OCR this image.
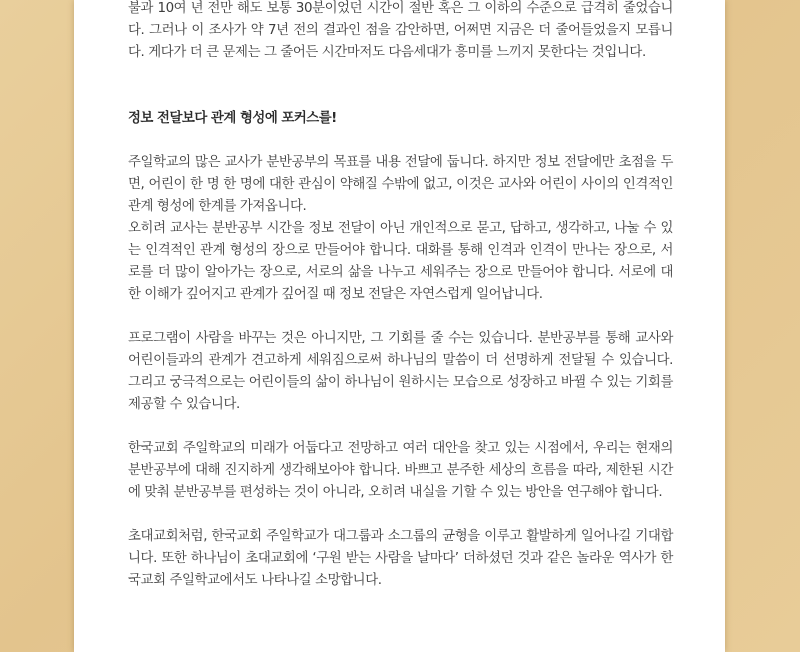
불과 10여 년 전만 해도 보통 30분이었던 시간이 절반 혹은 그 이하의 수준으로 급격히 줄었습니다. 그러나 이 조사가 약 7년 전의 결과인 점을 감안하면, 어쩌면 지금은 더 줄어들었을지 모릅니다. 게다가 더 큰 문제는 그 줄어든 시간마저도 다음세대가 흥미를 느끼지 못한다는 것입니다.

정보 전달보다 관계 형성에 포커스를!

주일학교의 많은 교사가 분반공부의 목표를 내용 전달에 둡니다. 하지만 정보 전달에만 초점을 두면, 어린이 한 명 한 명에 대한 관심이 약해질 수밖에 없고, 이것은 교사와 어린이 사이의 인격적인 관계 형성에 한계를 가져옵니다.

오히려 교사는 분반공부 시간을 정보 전달이 아닌 개인적으로 묻고, 답하고, 생각하고, 나눌 수 있는 인격적인 관계 형성의 장으로 만들어야 합니다. 대화를 통해 인격과 인격이 만나는 장으로, 서로를 더 많이 알아가는 장으로, 서로의 삶을 나누고 세워주는 장으로 만들어야 합니다. 서로에 대한 이해가 깊어지고 관계가 깊어질 때 정보 전달은 자연스럽게 일어납니다.

프로그램이 사람을 바꾸는 것은 아니지만, 그 기회를 줄 수는 있습니다. 분반공부를 통해 교사와 어린이들과의 관계가 견고하게 세워짐으로써 하나님의 말씀이 더 선명하게 전달될 수 있습니다. 그리고 궁극적으로는 어린이들의 삶이 하나님이 원하시는 모습으로 성장하고 바뀔 수 있는 기회를 제공할 수 있습니다.

한국교회 주일학교의 미래가 어둡다고 전망하고 여러 대안을 찾고 있는 시점에서, 우리는 현재의 분반공부에 대해 진지하게 생각해보아야 합니다. 바쁘고 분주한 세상의 흐름을 따라, 제한된 시간에 맞춰 분반공부를 편성하는 것이 아니라, 오히려 내실을 기할 수 있는 방안을 연구해야 합니다.

초대교회처럼, 한국교회 주일학교가 대그룹과 소그룹의 균형을 이루고 활발하게 일어나길 기대합니다. 또한 하나님이 초대교회에 ‘구원 받는 사람을 날마다’ 더하셨던 것과 같은 놀라운 역사가 한국교회 주일학교에서도 나타나길 소망합니다.
